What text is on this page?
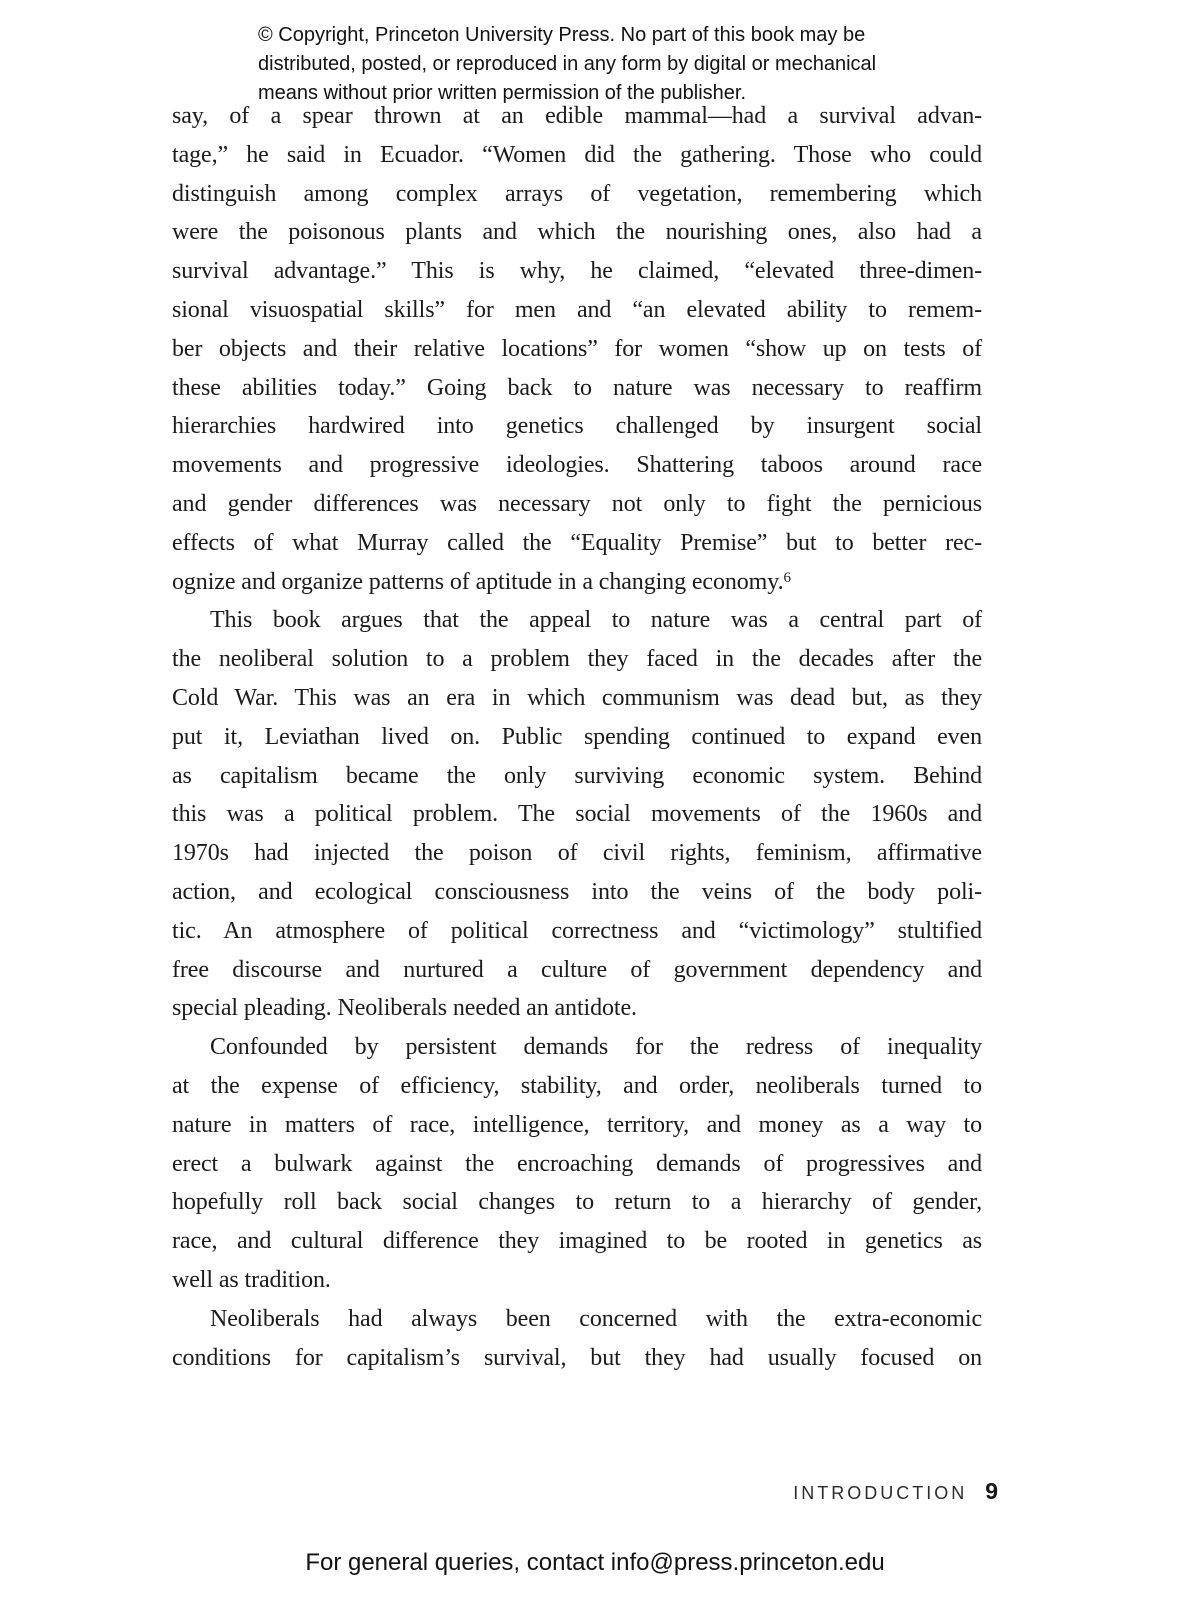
© Copyright, Princeton University Press. No part of this book may be
distributed, posted, or reproduced in any form by digital or mechanical
means without prior written permission of the publisher.
say, of a spear thrown at an edible mammal—had a survival advan-
tage,” he said in Ecuador. “Women did the gathering. Those who could
distinguish among complex arrays of vegetation, remembering which
were the poisonous plants and which the nourishing ones, also had a
survival advantage.” This is why, he claimed, “elevated three-dimen-
sional visuospatial skills” for men and “an elevated ability to remem-
ber objects and their relative locations” for women “show up on tests of
these abilities today.” Going back to nature was necessary to reaffirm
hierarchies hardwired into genetics challenged by insurgent social
movements and progressive ideologies. Shattering taboos around race
and gender differences was necessary not only to fight the pernicious
effects of what Murray called the “Equality Premise” but to better rec-
ognize and organize patterns of aptitude in a changing economy.$^6$
This book argues that the appeal to nature was a central part of
the neoliberal solution to a problem they faced in the decades after the
Cold War. This was an era in which communism was dead but, as they
put it, Leviathan lived on. Public spending continued to expand even
as capitalism became the only surviving economic system. Behind
this was a political problem. The social movements of the 1960s and
1970s had injected the poison of civil rights, feminism, affirmative
action, and ecological consciousness into the veins of the body poli-
tic. An atmosphere of political correctness and “victimology” stultified
free discourse and nurtured a culture of government dependency and
special pleading. Neoliberals needed an antidote.
Confounded by persistent demands for the redress of inequality
at the expense of efficiency, stability, and order, neoliberals turned to
nature in matters of race, intelligence, territory, and money as a way to
erect a bulwark against the encroaching demands of progressives and
hopefully roll back social changes to return to a hierarchy of gender,
race, and cultural difference they imagined to be rooted in genetics as
well as tradition.
Neoliberals had always been concerned with the extra-economic
conditions for capitalism’s survival, but they had usually focused on
INTRODUCTION 9
For general queries, contact info@press.princeton.edu
